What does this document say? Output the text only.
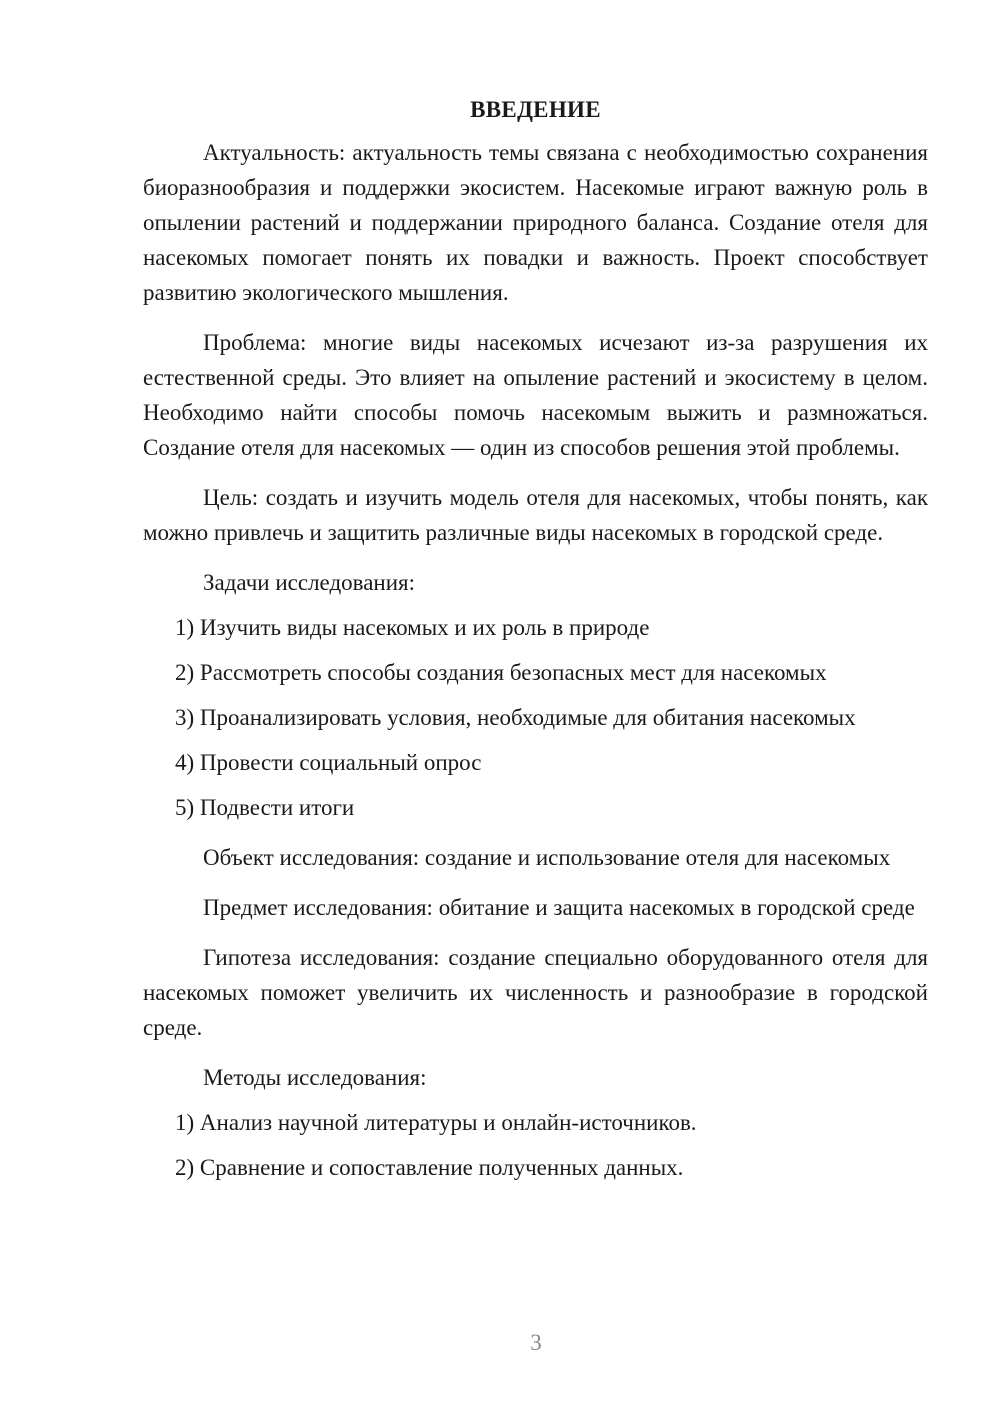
ВВЕДЕНИЕ

Актуальность: актуальность темы связана с необходимостью сохранения биоразнообразия и поддержки экосистем. Насекомые играют важную роль в опылении растений и поддержании природного баланса. Создание отеля для насекомых помогает понять их повадки и важность. Проект способствует развитию экологического мышления.

Проблема: многие виды насекомых исчезают из-за разрушения их естественной среды. Это влияет на опыление растений и экосистему в целом. Необходимо найти способы помочь насекомым выжить и размножаться. Создание отеля для насекомых — один из способов решения этой проблемы.

Цель: создать и изучить модель отеля для насекомых, чтобы понять, как можно привлечь и защитить различные виды насекомых в городской среде.

Задачи исследования:

1) Изучить виды насекомых и их роль в природе

2) Рассмотреть способы создания безопасных мест для насекомых

3) Проанализировать условия, необходимые для обитания насекомых

4) Провести социальный опрос

5) Подвести итоги

Объект исследования: создание и использование отеля для насекомых

Предмет исследования: обитание и защита насекомых в городской среде

Гипотеза исследования: создание специально оборудованного отеля для насекомых поможет увеличить их численность и разнообразие в городской среде.

Методы исследования:

1) Анализ научной литературы и онлайн-источников.

2) Сравнение и сопоставление полученных данных.

3
